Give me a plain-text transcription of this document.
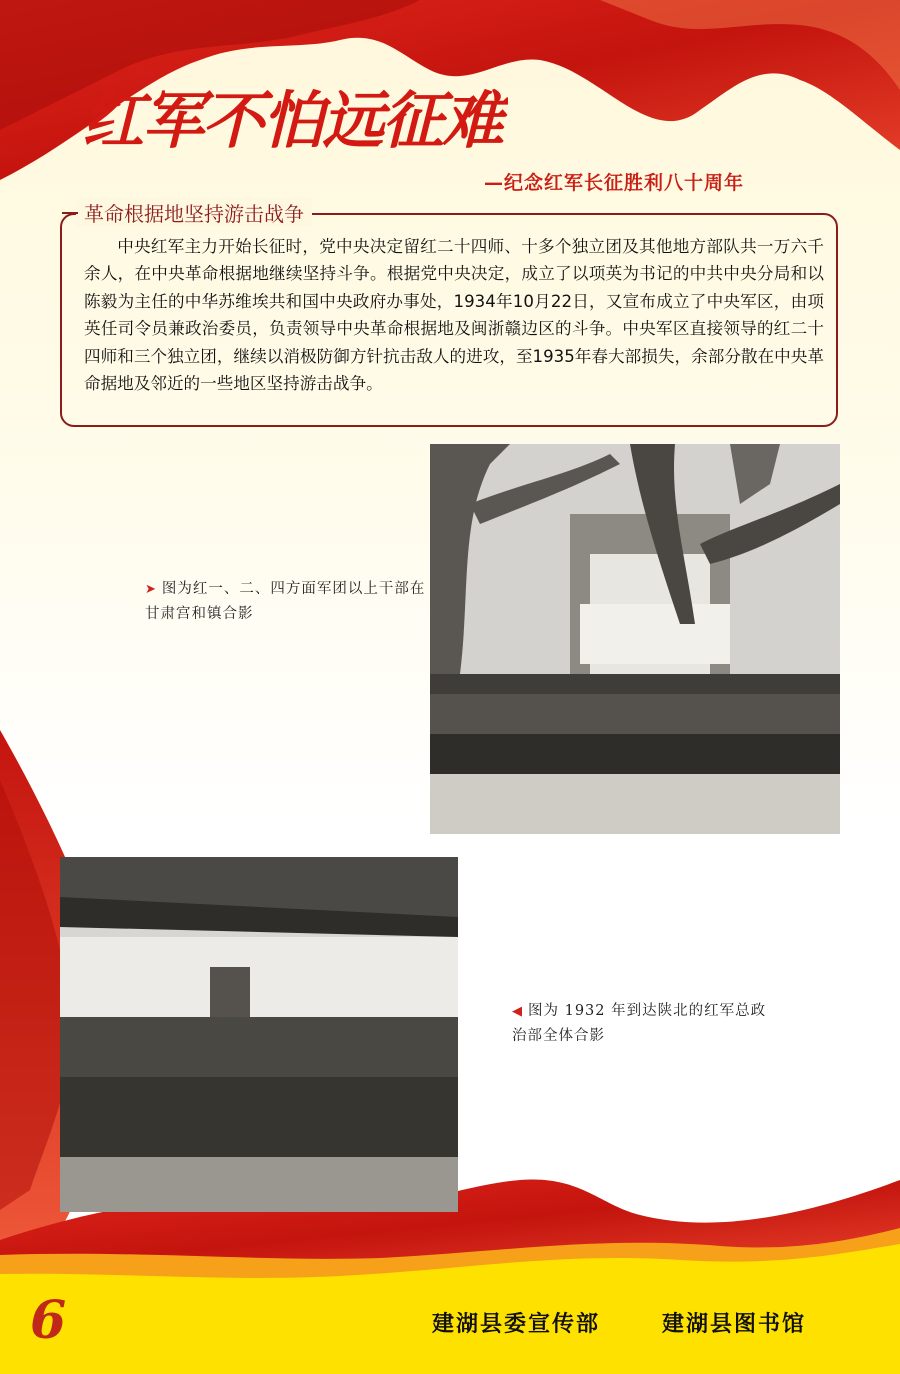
红军不怕远征难
—纪念红军长征胜利八十周年
革命根据地坚持游击战争
中央红军主力开始长征时，党中央决定留红二十四师、十多个独立团及其他地方部队共一万六千余人，在中央革命根据地继续坚持斗争。根据党中央决定，成立了以项英为书记的中共中央分局和以陈毅为主任的中华苏维埃共和国中央政府办事处，1934年10月22日，又宣布成立了中央军区，由项英任司令员兼政治委员，负责领导中央革命根据地及闽浙赣边区的斗争。中央军区直接领导的红二十四师和三个独立团，继续以消极防御方针抗击敌人的进攻，至1935年春大部损失，余部分散在中央革命据地及邻近的一些地区坚持游击战争。
➤ 图为红一、二、四方面军团以上干部在甘肃宫和镇合影
◀ 图为 1932 年到达陕北的红军总政治部全体合影
6	建湖县委宣传部	建湖县图书馆
